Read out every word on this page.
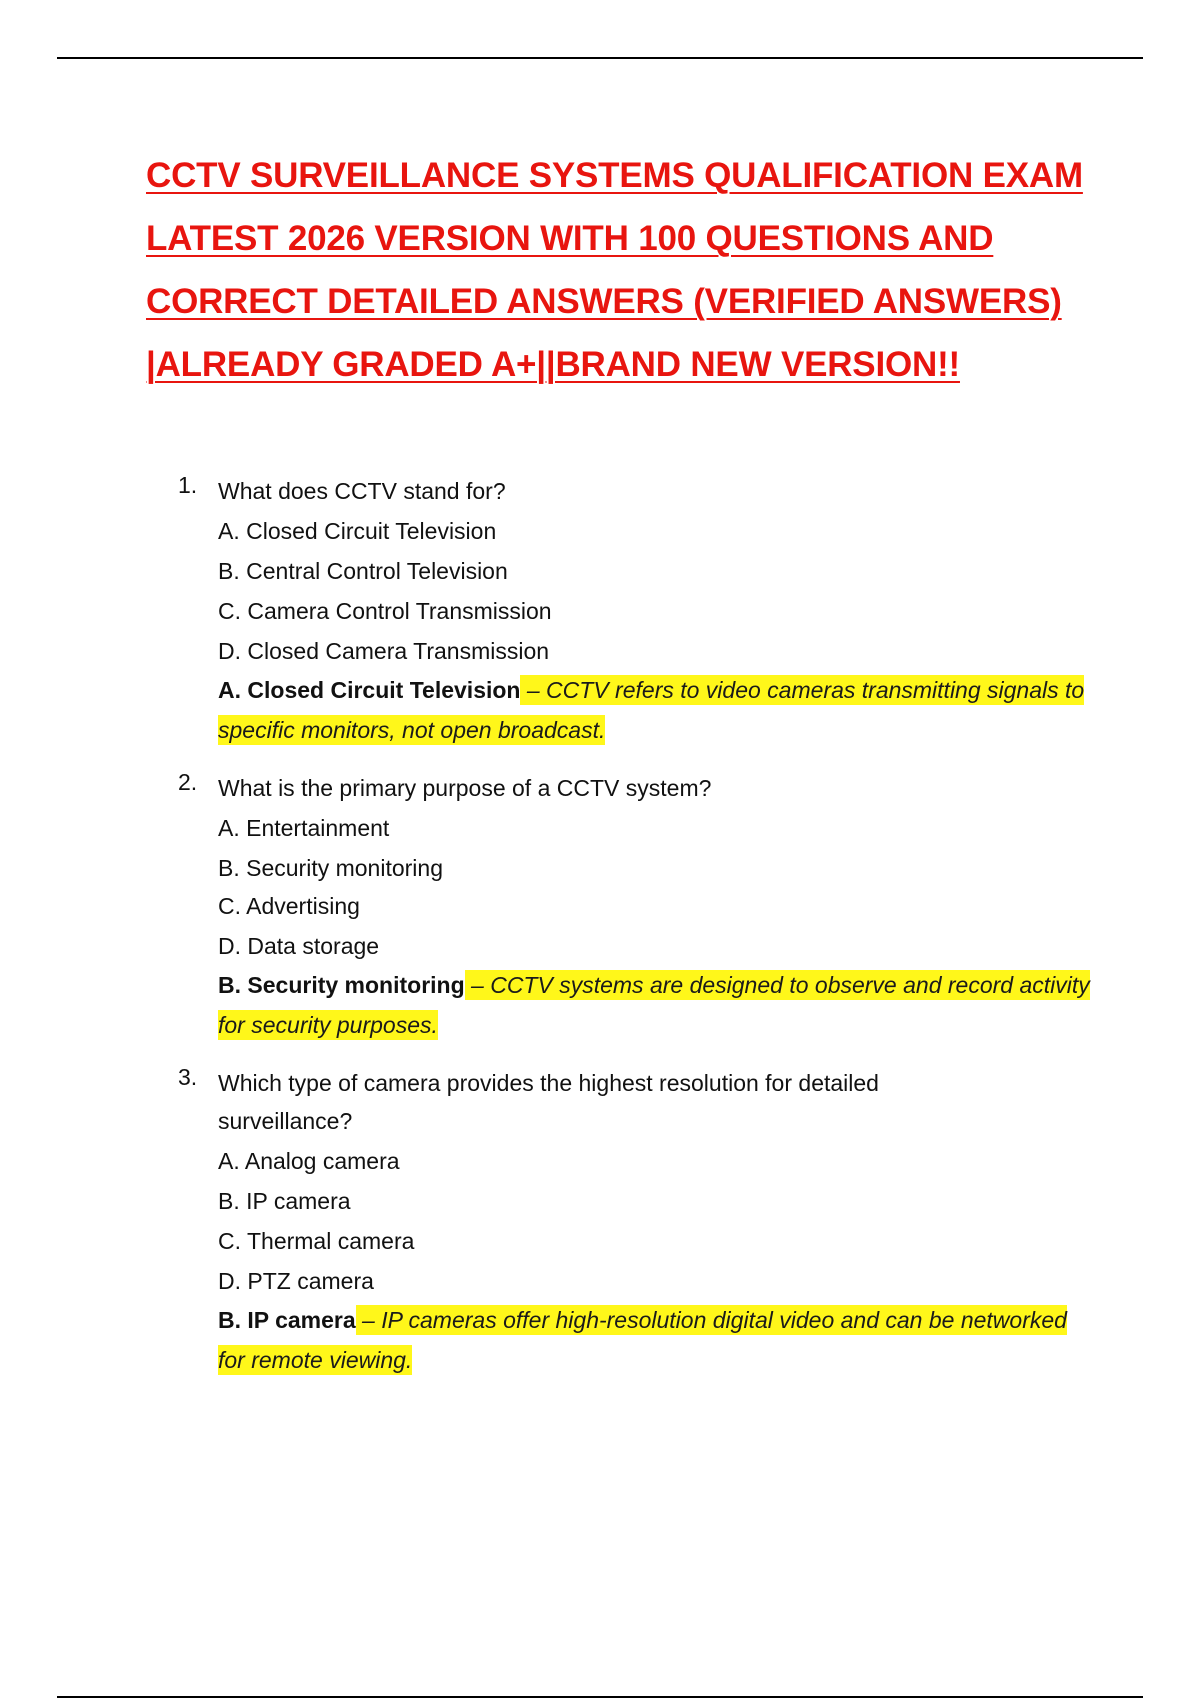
CCTV SURVEILLANCE SYSTEMS QUALIFICATION EXAM LATEST 2026 VERSION WITH 100 QUESTIONS AND CORRECT DETAILED ANSWERS (VERIFIED ANSWERS) |ALREADY GRADED A+||BRAND NEW VERSION!!
1. What does CCTV stand for?
A. Closed Circuit Television
B. Central Control Television
C. Camera Control Transmission
D. Closed Camera Transmission
A. Closed Circuit Television – CCTV refers to video cameras transmitting signals to specific monitors, not open broadcast.
2. What is the primary purpose of a CCTV system?
A. Entertainment
B. Security monitoring
C. Advertising
D. Data storage
B. Security monitoring – CCTV systems are designed to observe and record activity for security purposes.
3. Which type of camera provides the highest resolution for detailed surveillance?
A. Analog camera
B. IP camera
C. Thermal camera
D. PTZ camera
B. IP camera – IP cameras offer high-resolution digital video and can be networked for remote viewing.
